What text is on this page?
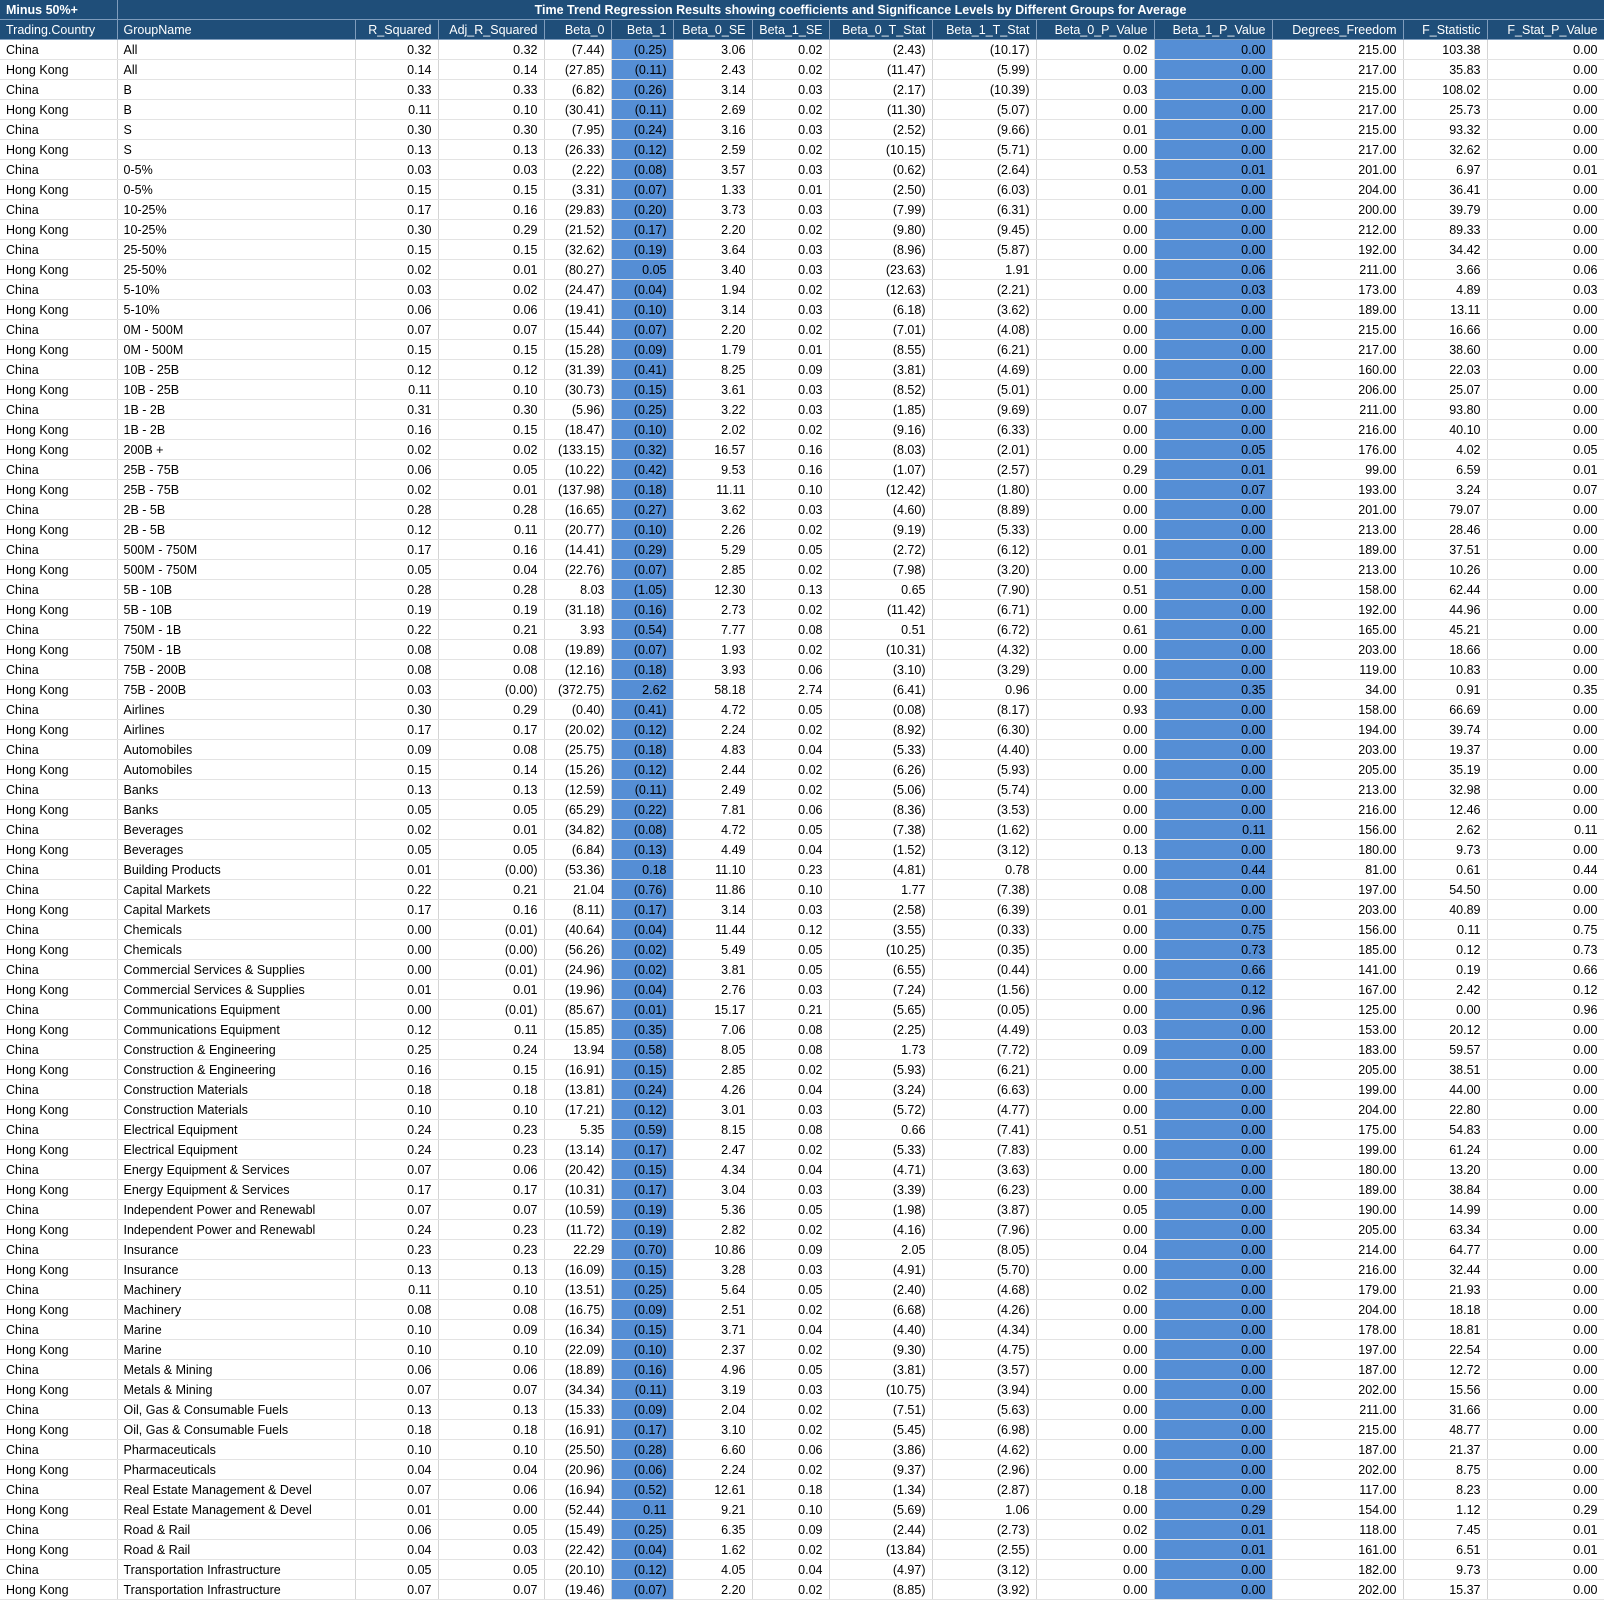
Minus 50%+	Time Trend Regression Results showing coefficients and Significance Levels by Different Groups for Average													
Trading.Country	GroupName	R_Squared	Adj_R_Squared	Beta_0	Beta_1	Beta_0_SE	Beta_1_SE	Beta_0_T_Stat	Beta_1_T_Stat	Beta_0_P_Value	Beta_1_P_Value	Degrees_Freedom	F_Statistic	F_Stat_P_Value
China	All	0.32	0.32	(7.44)	(0.25)	3.06	0.02	(2.43)	(10.17)	0.02	0.00	215.00	103.38	0.00
Hong Kong	All	0.14	0.14	(27.85)	(0.11)	2.43	0.02	(11.47)	(5.99)	0.00	0.00	217.00	35.83	0.00
China	B	0.33	0.33	(6.82)	(0.26)	3.14	0.03	(2.17)	(10.39)	0.03	0.00	215.00	108.02	0.00
Hong Kong	B	0.11	0.10	(30.41)	(0.11)	2.69	0.02	(11.30)	(5.07)	0.00	0.00	217.00	25.73	0.00
China	S	0.30	0.30	(7.95)	(0.24)	3.16	0.03	(2.52)	(9.66)	0.01	0.00	215.00	93.32	0.00
Hong Kong	S	0.13	0.13	(26.33)	(0.12)	2.59	0.02	(10.15)	(5.71)	0.00	0.00	217.00	32.62	0.00
China	0-5%	0.03	0.03	(2.22)	(0.08)	3.57	0.03	(0.62)	(2.64)	0.53	0.01	201.00	6.97	0.01
Hong Kong	0-5%	0.15	0.15	(3.31)	(0.07)	1.33	0.01	(2.50)	(6.03)	0.01	0.00	204.00	36.41	0.00
China	10-25%	0.17	0.16	(29.83)	(0.20)	3.73	0.03	(7.99)	(6.31)	0.00	0.00	200.00	39.79	0.00
Hong Kong	10-25%	0.30	0.29	(21.52)	(0.17)	2.20	0.02	(9.80)	(9.45)	0.00	0.00	212.00	89.33	0.00
China	25-50%	0.15	0.15	(32.62)	(0.19)	3.64	0.03	(8.96)	(5.87)	0.00	0.00	192.00	34.42	0.00
Hong Kong	25-50%	0.02	0.01	(80.27)	0.05	3.40	0.03	(23.63)	1.91	0.00	0.06	211.00	3.66	0.06
China	5-10%	0.03	0.02	(24.47)	(0.04)	1.94	0.02	(12.63)	(2.21)	0.00	0.03	173.00	4.89	0.03
Hong Kong	5-10%	0.06	0.06	(19.41)	(0.10)	3.14	0.03	(6.18)	(3.62)	0.00	0.00	189.00	13.11	0.00
China	0M - 500M	0.07	0.07	(15.44)	(0.07)	2.20	0.02	(7.01)	(4.08)	0.00	0.00	215.00	16.66	0.00
Hong Kong	0M - 500M	0.15	0.15	(15.28)	(0.09)	1.79	0.01	(8.55)	(6.21)	0.00	0.00	217.00	38.60	0.00
China	10B - 25B	0.12	0.12	(31.39)	(0.41)	8.25	0.09	(3.81)	(4.69)	0.00	0.00	160.00	22.03	0.00
Hong Kong	10B - 25B	0.11	0.10	(30.73)	(0.15)	3.61	0.03	(8.52)	(5.01)	0.00	0.00	206.00	25.07	0.00
China	1B - 2B	0.31	0.30	(5.96)	(0.25)	3.22	0.03	(1.85)	(9.69)	0.07	0.00	211.00	93.80	0.00
Hong Kong	1B - 2B	0.16	0.15	(18.47)	(0.10)	2.02	0.02	(9.16)	(6.33)	0.00	0.00	216.00	40.10	0.00
Hong Kong	200B +	0.02	0.02	(133.15)	(0.32)	16.57	0.16	(8.03)	(2.01)	0.00	0.05	176.00	4.02	0.05
China	25B - 75B	0.06	0.05	(10.22)	(0.42)	9.53	0.16	(1.07)	(2.57)	0.29	0.01	99.00	6.59	0.01
Hong Kong	25B - 75B	0.02	0.01	(137.98)	(0.18)	11.11	0.10	(12.42)	(1.80)	0.00	0.07	193.00	3.24	0.07
China	2B - 5B	0.28	0.28	(16.65)	(0.27)	3.62	0.03	(4.60)	(8.89)	0.00	0.00	201.00	79.07	0.00
Hong Kong	2B - 5B	0.12	0.11	(20.77)	(0.10)	2.26	0.02	(9.19)	(5.33)	0.00	0.00	213.00	28.46	0.00
China	500M - 750M	0.17	0.16	(14.41)	(0.29)	5.29	0.05	(2.72)	(6.12)	0.01	0.00	189.00	37.51	0.00
Hong Kong	500M - 750M	0.05	0.04	(22.76)	(0.07)	2.85	0.02	(7.98)	(3.20)	0.00	0.00	213.00	10.26	0.00
China	5B - 10B	0.28	0.28	8.03	(1.05)	12.30	0.13	0.65	(7.90)	0.51	0.00	158.00	62.44	0.00
Hong Kong	5B - 10B	0.19	0.19	(31.18)	(0.16)	2.73	0.02	(11.42)	(6.71)	0.00	0.00	192.00	44.96	0.00
China	750M - 1B	0.22	0.21	3.93	(0.54)	7.77	0.08	0.51	(6.72)	0.61	0.00	165.00	45.21	0.00
Hong Kong	750M - 1B	0.08	0.08	(19.89)	(0.07)	1.93	0.02	(10.31)	(4.32)	0.00	0.00	203.00	18.66	0.00
China	75B - 200B	0.08	0.08	(12.16)	(0.18)	3.93	0.06	(3.10)	(3.29)	0.00	0.00	119.00	10.83	0.00
Hong Kong	75B - 200B	0.03	(0.00)	(372.75)	2.62	58.18	2.74	(6.41)	0.96	0.00	0.35	34.00	0.91	0.35
China	Airlines	0.30	0.29	(0.40)	(0.41)	4.72	0.05	(0.08)	(8.17)	0.93	0.00	158.00	66.69	0.00
Hong Kong	Airlines	0.17	0.17	(20.02)	(0.12)	2.24	0.02	(8.92)	(6.30)	0.00	0.00	194.00	39.74	0.00
China	Automobiles	0.09	0.08	(25.75)	(0.18)	4.83	0.04	(5.33)	(4.40)	0.00	0.00	203.00	19.37	0.00
Hong Kong	Automobiles	0.15	0.14	(15.26)	(0.12)	2.44	0.02	(6.26)	(5.93)	0.00	0.00	205.00	35.19	0.00
China	Banks	0.13	0.13	(12.59)	(0.11)	2.49	0.02	(5.06)	(5.74)	0.00	0.00	213.00	32.98	0.00
Hong Kong	Banks	0.05	0.05	(65.29)	(0.22)	7.81	0.06	(8.36)	(3.53)	0.00	0.00	216.00	12.46	0.00
China	Beverages	0.02	0.01	(34.82)	(0.08)	4.72	0.05	(7.38)	(1.62)	0.00	0.11	156.00	2.62	0.11
Hong Kong	Beverages	0.05	0.05	(6.84)	(0.13)	4.49	0.04	(1.52)	(3.12)	0.13	0.00	180.00	9.73	0.00
China	Building Products	0.01	(0.00)	(53.36)	0.18	11.10	0.23	(4.81)	0.78	0.00	0.44	81.00	0.61	0.44
China	Capital Markets	0.22	0.21	21.04	(0.76)	11.86	0.10	1.77	(7.38)	0.08	0.00	197.00	54.50	0.00
Hong Kong	Capital Markets	0.17	0.16	(8.11)	(0.17)	3.14	0.03	(2.58)	(6.39)	0.01	0.00	203.00	40.89	0.00
China	Chemicals	0.00	(0.01)	(40.64)	(0.04)	11.44	0.12	(3.55)	(0.33)	0.00	0.75	156.00	0.11	0.75
Hong Kong	Chemicals	0.00	(0.00)	(56.26)	(0.02)	5.49	0.05	(10.25)	(0.35)	0.00	0.73	185.00	0.12	0.73
China	Commercial Services & Supplies	0.00	(0.01)	(24.96)	(0.02)	3.81	0.05	(6.55)	(0.44)	0.00	0.66	141.00	0.19	0.66
Hong Kong	Commercial Services & Supplies	0.01	0.01	(19.96)	(0.04)	2.76	0.03	(7.24)	(1.56)	0.00	0.12	167.00	2.42	0.12
China	Communications Equipment	0.00	(0.01)	(85.67)	(0.01)	15.17	0.21	(5.65)	(0.05)	0.00	0.96	125.00	0.00	0.96
Hong Kong	Communications Equipment	0.12	0.11	(15.85)	(0.35)	7.06	0.08	(2.25)	(4.49)	0.03	0.00	153.00	20.12	0.00
China	Construction & Engineering	0.25	0.24	13.94	(0.58)	8.05	0.08	1.73	(7.72)	0.09	0.00	183.00	59.57	0.00
Hong Kong	Construction & Engineering	0.16	0.15	(16.91)	(0.15)	2.85	0.02	(5.93)	(6.21)	0.00	0.00	205.00	38.51	0.00
China	Construction Materials	0.18	0.18	(13.81)	(0.24)	4.26	0.04	(3.24)	(6.63)	0.00	0.00	199.00	44.00	0.00
Hong Kong	Construction Materials	0.10	0.10	(17.21)	(0.12)	3.01	0.03	(5.72)	(4.77)	0.00	0.00	204.00	22.80	0.00
China	Electrical Equipment	0.24	0.23	5.35	(0.59)	8.15	0.08	0.66	(7.41)	0.51	0.00	175.00	54.83	0.00
Hong Kong	Electrical Equipment	0.24	0.23	(13.14)	(0.17)	2.47	0.02	(5.33)	(7.83)	0.00	0.00	199.00	61.24	0.00
China	Energy Equipment & Services	0.07	0.06	(20.42)	(0.15)	4.34	0.04	(4.71)	(3.63)	0.00	0.00	180.00	13.20	0.00
Hong Kong	Energy Equipment & Services	0.17	0.17	(10.31)	(0.17)	3.04	0.03	(3.39)	(6.23)	0.00	0.00	189.00	38.84	0.00
China	Independent Power and Renewabl	0.07	0.07	(10.59)	(0.19)	5.36	0.05	(1.98)	(3.87)	0.05	0.00	190.00	14.99	0.00
Hong Kong	Independent Power and Renewabl	0.24	0.23	(11.72)	(0.19)	2.82	0.02	(4.16)	(7.96)	0.00	0.00	205.00	63.34	0.00
China	Insurance	0.23	0.23	22.29	(0.70)	10.86	0.09	2.05	(8.05)	0.04	0.00	214.00	64.77	0.00
Hong Kong	Insurance	0.13	0.13	(16.09)	(0.15)	3.28	0.03	(4.91)	(5.70)	0.00	0.00	216.00	32.44	0.00
China	Machinery	0.11	0.10	(13.51)	(0.25)	5.64	0.05	(2.40)	(4.68)	0.02	0.00	179.00	21.93	0.00
Hong Kong	Machinery	0.08	0.08	(16.75)	(0.09)	2.51	0.02	(6.68)	(4.26)	0.00	0.00	204.00	18.18	0.00
China	Marine	0.10	0.09	(16.34)	(0.15)	3.71	0.04	(4.40)	(4.34)	0.00	0.00	178.00	18.81	0.00
Hong Kong	Marine	0.10	0.10	(22.09)	(0.10)	2.37	0.02	(9.30)	(4.75)	0.00	0.00	197.00	22.54	0.00
China	Metals & Mining	0.06	0.06	(18.89)	(0.16)	4.96	0.05	(3.81)	(3.57)	0.00	0.00	187.00	12.72	0.00
Hong Kong	Metals & Mining	0.07	0.07	(34.34)	(0.11)	3.19	0.03	(10.75)	(3.94)	0.00	0.00	202.00	15.56	0.00
China	Oil, Gas & Consumable Fuels	0.13	0.13	(15.33)	(0.09)	2.04	0.02	(7.51)	(5.63)	0.00	0.00	211.00	31.66	0.00
Hong Kong	Oil, Gas & Consumable Fuels	0.18	0.18	(16.91)	(0.17)	3.10	0.02	(5.45)	(6.98)	0.00	0.00	215.00	48.77	0.00
China	Pharmaceuticals	0.10	0.10	(25.50)	(0.28)	6.60	0.06	(3.86)	(4.62)	0.00	0.00	187.00	21.37	0.00
Hong Kong	Pharmaceuticals	0.04	0.04	(20.96)	(0.06)	2.24	0.02	(9.37)	(2.96)	0.00	0.00	202.00	8.75	0.00
China	Real Estate Management & Devel	0.07	0.06	(16.94)	(0.52)	12.61	0.18	(1.34)	(2.87)	0.18	0.00	117.00	8.23	0.00
Hong Kong	Real Estate Management & Devel	0.01	0.00	(52.44)	0.11	9.21	0.10	(5.69)	1.06	0.00	0.29	154.00	1.12	0.29
China	Road & Rail	0.06	0.05	(15.49)	(0.25)	6.35	0.09	(2.44)	(2.73)	0.02	0.01	118.00	7.45	0.01
Hong Kong	Road & Rail	0.04	0.03	(22.42)	(0.04)	1.62	0.02	(13.84)	(2.55)	0.00	0.01	161.00	6.51	0.01
China	Transportation Infrastructure	0.05	0.05	(20.10)	(0.12)	4.05	0.04	(4.97)	(3.12)	0.00	0.00	182.00	9.73	0.00
Hong Kong	Transportation Infrastructure	0.07	0.07	(19.46)	(0.07)	2.20	0.02	(8.85)	(3.92)	0.00	0.00	202.00	15.37	0.00
